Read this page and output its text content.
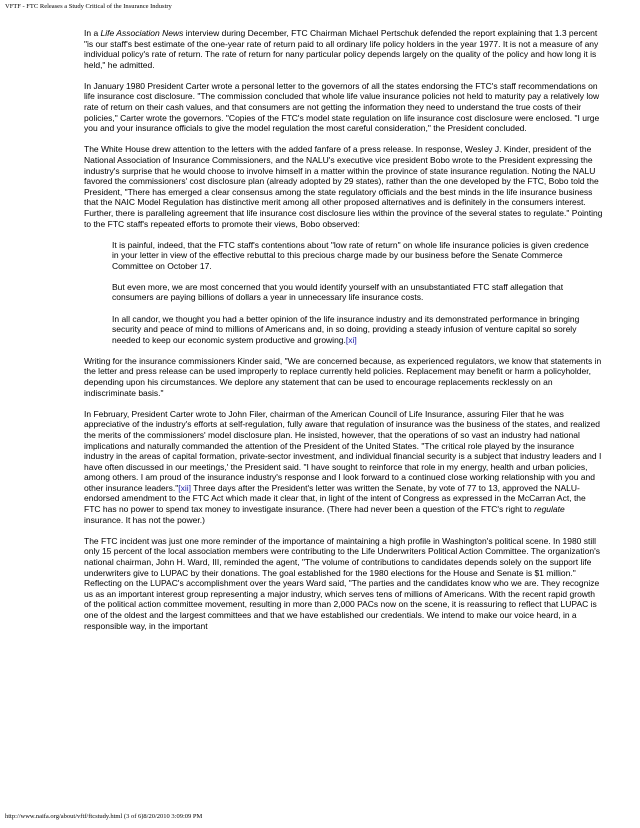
VFTF - FTC Releases a Study Critical of the Insurance Industry

In a Life Association News interview during December, FTC Chairman Michael Pertschuk defended the report explaining that 1.3 percent "is our staff's best estimate of the one-year rate of return paid to all ordinary life policy holders in the year 1977. It is not a measure of any individual policy's rate of return. The rate of return for nany particular policy depends largely on the quality of the policy and how long it is held," he admitted.

In January 1980 President Carter wrote a personal letter to the governors of all the states endorsing the FTC's staff recommendations on life insurance cost disclosure. "The commission concluded that whole life value insurance policies not held to maturity pay a relatively low rate of return on their cash values, and that consumers are not getting the information they need to understand the true costs of their policies," Carter wrote the governors. "Copies of the FTC's model state regulation on life insurance cost disclosure were enclosed. "I urge you and your insurance officials to give the model regulation the most careful consideration," the President concluded.

The White House drew attention to the letters with the added fanfare of a press release. In response, Wesley J. Kinder, president of the National Association of Insurance Commissioners, and the NALU's executive vice president Bobo wrote to the President expressing the industry's surprise that he would choose to involve himself in a matter within the province of state insurance regulation. Noting the NALU favored the commissioners' cost disclosure plan (already adopted by 29 states), rather than the one developed by the FTC, Bobo told the President, "There has emerged a clear consensus among the state regulatory officials and the best minds in the life insurance business that the NAIC Model Regulation has distinctive merit among all other proposed alternatives and is definitely in the consumers interest. Further, there is paralleling agreement that life insurance cost disclosure lies within the province of the several states to regulate." Pointing to the FTC staff's repeated efforts to promote their views, Bobo observed:

It is painful, indeed, that the FTC staff's contentions about "low rate of return" on whole life insurance policies is given credence in your letter in view of the effective rebuttal to this precious charge made by our business before the Senate Commerce Committee on October 17.
But even more, we are most concerned that you would identify yourself with an unsubstantiated FTC staff allegation that consumers are paying billions of dollars a year in unnecessary life insurance costs.
In all candor, we thought you had a better opinion of the life insurance industry and its demonstrated performance in bringing security and peace of mind to millions of Americans and, in so doing, providing a steady infusion of venture capital so sorely needed to keep our economic system productive and growing.[xi]

Writing for the insurance commissioners Kinder said, "We are concerned because, as experienced regulators, we know that statements in the letter and press release can be used improperly to replace currently held policies. Replacement may benefit or harm a policyholder, depending upon his circumstances. We deplore any statement that can be used to encourage replacements recklessly on an indiscriminate basis."

In February, President Carter wrote to John Filer, chairman of the American Council of Life Insurance, assuring Filer that he was appreciative of the industry's efforts at self-regulation, fully aware that regulation of insurance was the business of the states, and realized the merits of the commissioners' model disclosure plan. He insisted, however, that the operations of so vast an industry had national implications and naturally commanded the attention of the President of the United States. "The critical role played by the insurance industry in the areas of capital formation, private-sector investment, and individual financial security is a subject that industry leaders and I have often discussed in our meetings,' the President said. "I have sought to reinforce that role in my energy, health and urban policies, among others. I am proud of the insurance industry's response and I look forward to a continued close working relationship with you and other insurance leaders."[xii] Three days after the President's letter was written the Senate, by vote of 77 to 13, approved the NALU-endorsed amendment to the FTC Act which made it clear that, in light of the intent of Congress as expressed in the McCarran Act, the FTC has no power to spend tax money to investigate insurance. (There had never been a question of the FTC's right to regulate insurance. It has not the power.)

The FTC incident was just one more reminder of the importance of maintaining a high profile in Washington's political scene. In 1980 still only 15 percent of the local association members were contributing to the Life Underwriters Political Action Committee. The organization's national chairman, John H. Ward, III, reminded the agent, "The volume of contributions to candidates depends solely on the support life underwriters give to LUPAC by their donations. The goal established for the 1980 elections for the House and Senate is $1 million." Reflecting on the LUPAC's accomplishment over the years Ward said, "The parties and the candidates know who we are. They recognize us as an important interest group representing a major industry, which serves tens of millions of Americans. With the recent rapid growth of the political action committee movement, resulting in more than 2,000 PACs now on the scene, it is reassuring to reflect that LUPAC is one of the oldest and the largest committees and that we have established our credentials. We intend to make our voice heard, in a responsible way, in the important

http://www.naifa.org/about/vftf/ftcstudy.html (3 of 6)8/20/2010 3:09:09 PM
